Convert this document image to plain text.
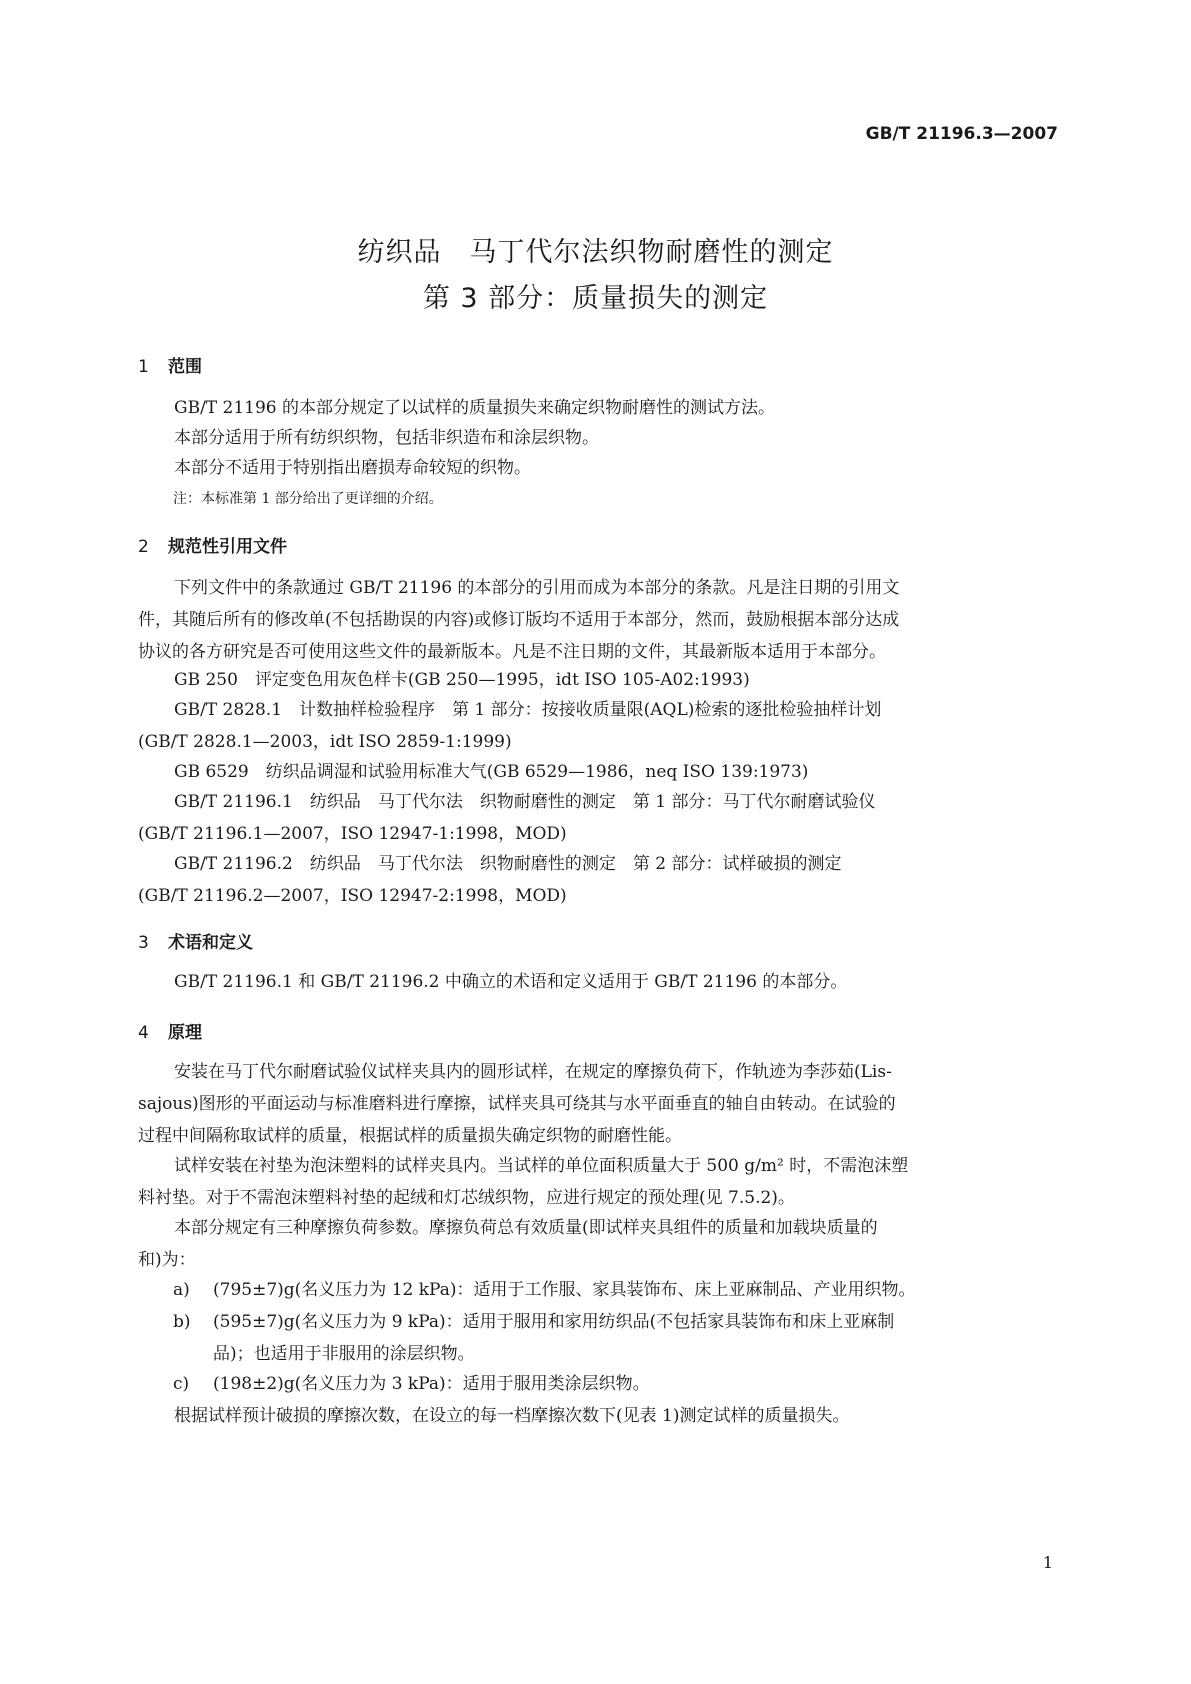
GB/T 21196.3—2007
纺织品　马丁代尔法织物耐磨性的测定
第 3 部分：质量损失的测定
1 范围
GB/T 21196 的本部分规定了以试样的质量损失来确定织物耐磨性的测试方法。
本部分适用于所有纺织织物，包括非织造布和涂层织物。
本部分不适用于特别指出磨损寿命较短的织物。
注：本标准第 1 部分给出了更详细的介绍。
2 规范性引用文件
下列文件中的条款通过 GB/T 21196 的本部分的引用而成为本部分的条款。凡是注日期的引用文
件，其随后所有的修改单(不包括勘误的内容)或修订版均不适用于本部分，然而，鼓励根据本部分达成
协议的各方研究是否可使用这些文件的最新版本。凡是不注日期的文件，其最新版本适用于本部分。
GB 250　评定变色用灰色样卡(GB 250—1995，idt ISO 105-A02:1993)
GB/T 2828.1　计数抽样检验程序　第 1 部分：按接收质量限(AQL)检索的逐批检验抽样计划
(GB/T 2828.1—2003，idt ISO 2859-1:1999)
GB 6529　纺织品调湿和试验用标准大气(GB 6529—1986，neq ISO 139:1973)
GB/T 21196.1　纺织品　马丁代尔法　织物耐磨性的测定　第 1 部分：马丁代尔耐磨试验仪
(GB/T 21196.1—2007，ISO 12947-1:1998，MOD)
GB/T 21196.2　纺织品　马丁代尔法　织物耐磨性的测定　第 2 部分：试样破损的测定
(GB/T 21196.2—2007，ISO 12947-2:1998，MOD)
3 术语和定义
GB/T 21196.1 和 GB/T 21196.2 中确立的术语和定义适用于 GB/T 21196 的本部分。
4 原理
安装在马丁代尔耐磨试验仪试样夹具内的圆形试样，在规定的摩擦负荷下，作轨迹为李莎茹(Lis-
sajous)图形的平面运动与标准磨料进行摩擦，试样夹具可绕其与水平面垂直的轴自由转动。在试验的
过程中间隔称取试样的质量，根据试样的质量损失确定织物的耐磨性能。
试样安装在衬垫为泡沫塑料的试样夹具内。当试样的单位面积质量大于 500 g/m² 时，不需泡沫塑
料衬垫。对于不需泡沫塑料衬垫的起绒和灯芯绒织物，应进行规定的预处理(见 7.5.2)。
本部分规定有三种摩擦负荷参数。摩擦负荷总有效质量(即试样夹具组件的质量和加载块质量的
和)为：
a) (795±7)g(名义压力为 12 kPa)：适用于工作服、家具装饰布、床上亚麻制品、产业用织物。
b) (595±7)g(名义压力为 9 kPa)：适用于服用和家用纺织品(不包括家具装饰布和床上亚麻制
品)；也适用于非服用的涂层织物。
c) (198±2)g(名义压力为 3 kPa)：适用于服用类涂层织物。
根据试样预计破损的摩擦次数，在设立的每一档摩擦次数下(见表 1)测定试样的质量损失。
1
